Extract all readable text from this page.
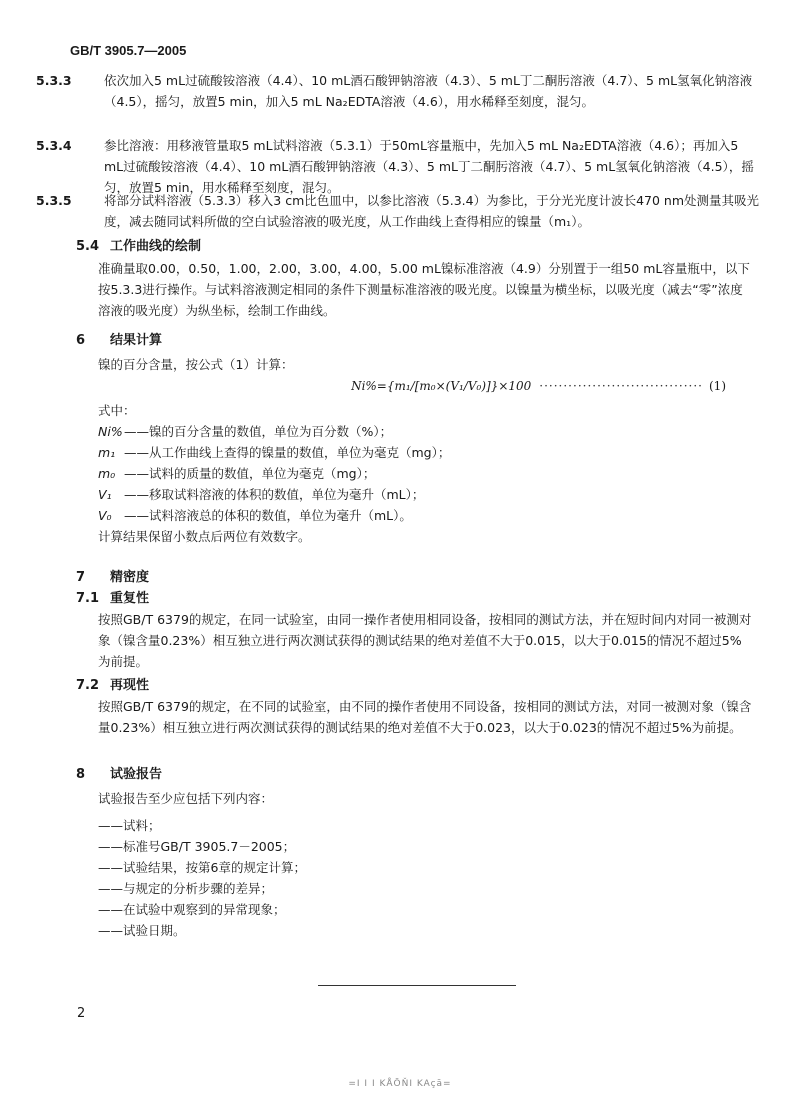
GB/T 3905.7—2005
5.3.3	依次加入5 mL过硫酸铵溶液（4.4）、10 mL酒石酸钾钠溶液（4.3）、5 mL丁二酮肟溶液（4.7）、5 mL氢氧化钠溶液（4.5），摇匀，放置5 min，加入5 mL Na₂EDTA溶液（4.6），用水稀释至刻度，混匀。
5.3.4	参比溶液：用移液管量取5 mL试料溶液（5.3.1）于50mL容量瓶中，先加入5 mL Na₂EDTA溶液（4.6）；再加入5 mL过硫酸铵溶液（4.4）、10 mL酒石酸钾钠溶液（4.3）、5 mL丁二酮肟溶液（4.7）、5 mL氢氧化钠溶液（4.5），摇匀，放置5 min，用水稀释至刻度，混匀。
5.3.5	将部分试料溶液（5.3.3）移入3 cm比色皿中，以参比溶液（5.3.4）为参比，于分光光度计波长470 nm处测量其吸光度，减去随同试料所做的空白试验溶液的吸光度，从工作曲线上查得相应的镍量（m₁）。
5.4 工作曲线的绘制
准确量取0.00，0.50，1.00，2.00，3.00，4.00，5.00 mL镍标准溶液（4.9）分别置于一组50 mL容量瓶中，以下按5.3.3进行操作。与试料溶液测定相同的条件下测量标准溶液的吸光度。以镍量为横坐标，以吸光度（减去“零”浓度溶液的吸光度）为纵坐标，绘制工作曲线。
6 结果计算
镍的百分含量，按公式（1）计算：
Ni%={m₁/[m₀×(V₁/V₀)]}×100 ·································· (1)

式中：

Ni% ——镍的百分含量的数值，单位为百分数（%）；
m₁ ——从工作曲线上查得的镍量的数值，单位为毫克（mg）；
m₀ ——试料的质量的数值，单位为毫克（mg）；
V₁ ——移取试料溶液的体积的数值，单位为毫升（mL）；
V₀ ——试料溶液总的体积的数值，单位为毫升（mL）。

计算结果保留小数点后两位有效数字。

7 精密度
7.1 重复性
按照GB/T 6379的规定，在同一试验室，由同一操作者使用相同设备，按相同的测试方法，并在短时间内对同一被测对象（镍含量0.23%）相互独立进行两次测试获得的测试结果的绝对差值不大于0.015，以大于0.015的情况不超过5%为前提。
7.2 再现性
按照GB/T 6379的规定，在不同的试验室，由不同的操作者使用不同设备，按相同的测试方法，对同一被测对象（镍含量0.23%）相互独立进行两次测试获得的测试结果的绝对差值不大于0.023，以大于0.023的情况不超过5%为前提。
8 试验报告

试验报告至少应包括下列内容：

——试料；
——标准号GB/T 3905.7－2005；
——试验结果，按第6章的规定计算；
——与规定的分析步骤的差异；
——在试验中观察到的异常现象；
——试验日期。
2
=I I I KÅŌŇI KAçā=
